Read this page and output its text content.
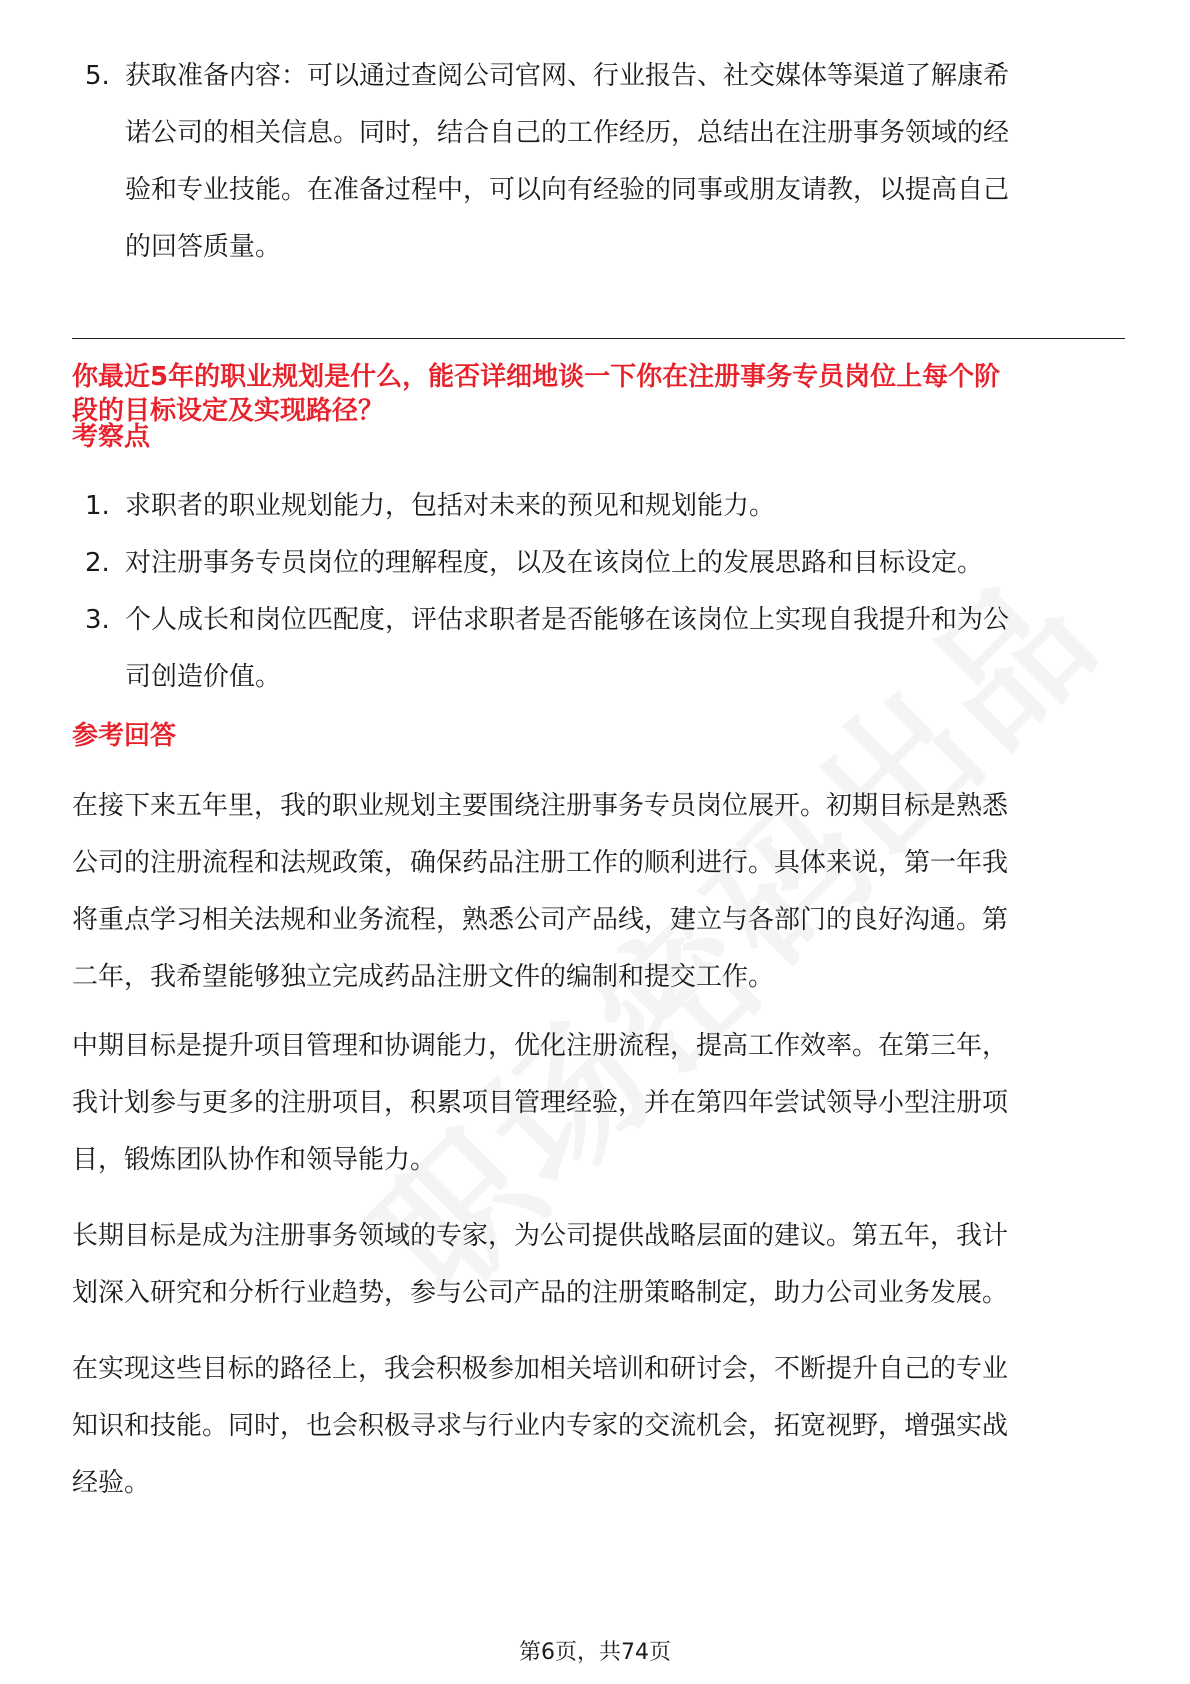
5. 获取准备内容：可以通过查阅公司官网、行业报告、社交媒体等渠道了解康希
诺公司的相关信息。同时，结合自己的工作经历，总结出在注册事务领域的经
验和专业技能。在准备过程中，可以向有经验的同事或朋友请教，以提高自己
的回答质量。
你最近5年的职业规划是什么，能否详细地谈一下你在注册事务专员岗位上每个阶
段的目标设定及实现路径？
考察点
1. 求职者的职业规划能力，包括对未来的预见和规划能力。
2. 对注册事务专员岗位的理解程度，以及在该岗位上的发展思路和目标设定。
3. 个人成长和岗位匹配度，评估求职者是否能够在该岗位上实现自我提升和为公
司创造价值。
参考回答
在接下来五年里，我的职业规划主要围绕注册事务专员岗位展开。初期目标是熟悉
公司的注册流程和法规政策，确保药品注册工作的顺利进行。具体来说，第一年我
将重点学习相关法规和业务流程，熟悉公司产品线，建立与各部门的良好沟通。第
二年，我希望能够独立完成药品注册文件的编制和提交工作。
中期目标是提升项目管理和协调能力，优化注册流程，提高工作效率。在第三年，
我计划参与更多的注册项目，积累项目管理经验，并在第四年尝试领导小型注册项
目，锻炼团队协作和领导能力。
长期目标是成为注册事务领域的专家，为公司提供战略层面的建议。第五年，我计
划深入研究和分析行业趋势，参与公司产品的注册策略制定，助力公司业务发展。
在实现这些目标的路径上，我会积极参加相关培训和研讨会，不断提升自己的专业
知识和技能。同时，也会积极寻求与行业内专家的交流机会，拓宽视野，增强实战
经验。
第6页，共74页
